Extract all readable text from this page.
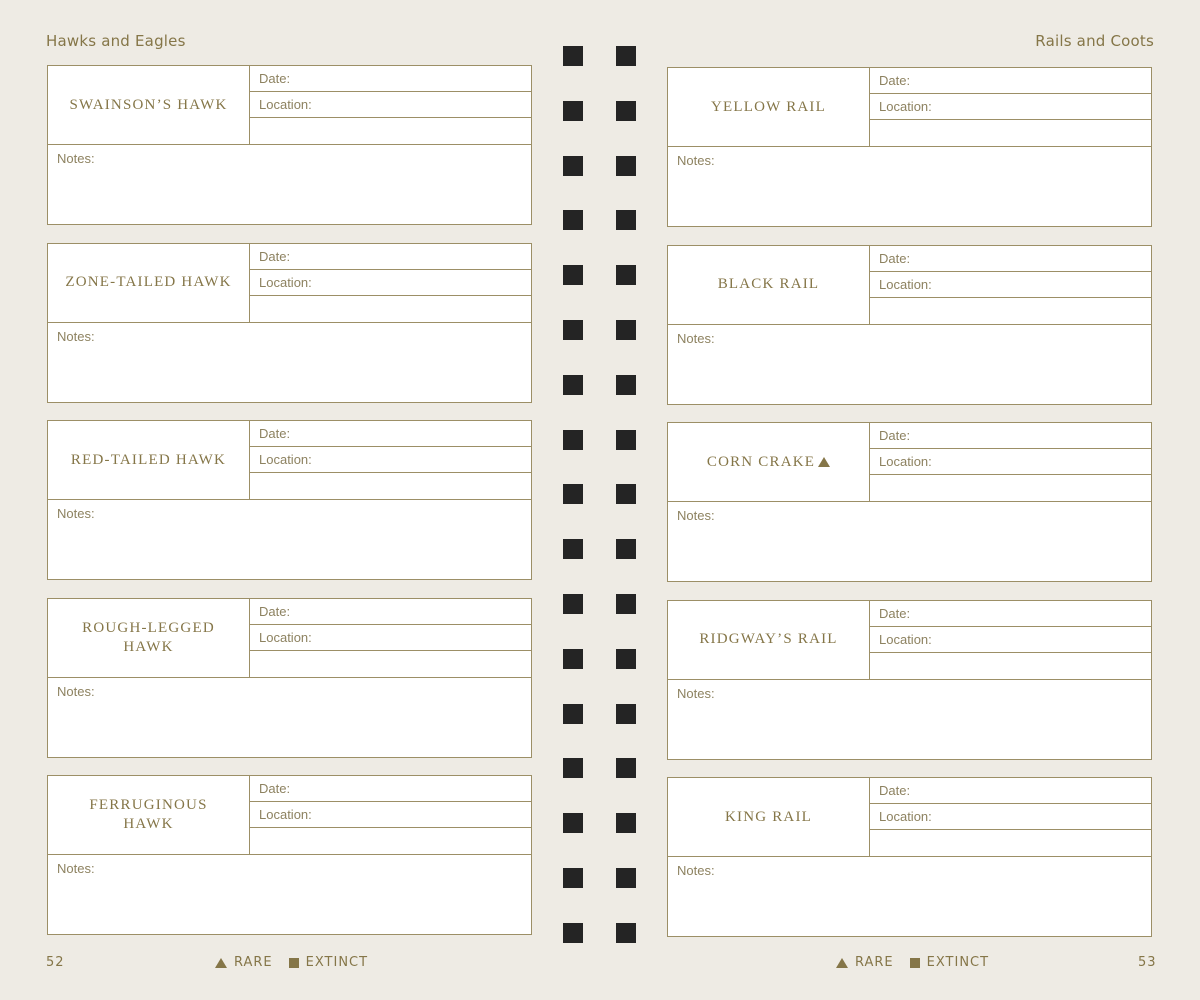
Hawks and Eagles
SWAINSON’S HAWK
Date:
Location:
Notes:
ZONE-TAILED HAWK
Date:
Location:
Notes:
RED-TAILED HAWK
Date:
Location:
Notes:
ROUGH-LEGGED HAWK
Date:
Location:
Notes:
FERRUGINOUS HAWK
Date:
Location:
Notes:
52	RARE	EXTINCT
Rails and Coots
YELLOW RAIL
Date:
Location:
Notes:
BLACK RAIL
Date:
Location:
Notes:
CORN CRAKE
Date:
Location:
Notes:
RIDGWAY’S RAIL
Date:
Location:
Notes:
KING RAIL
Date:
Location:
Notes:
RARE	EXTINCT	53
